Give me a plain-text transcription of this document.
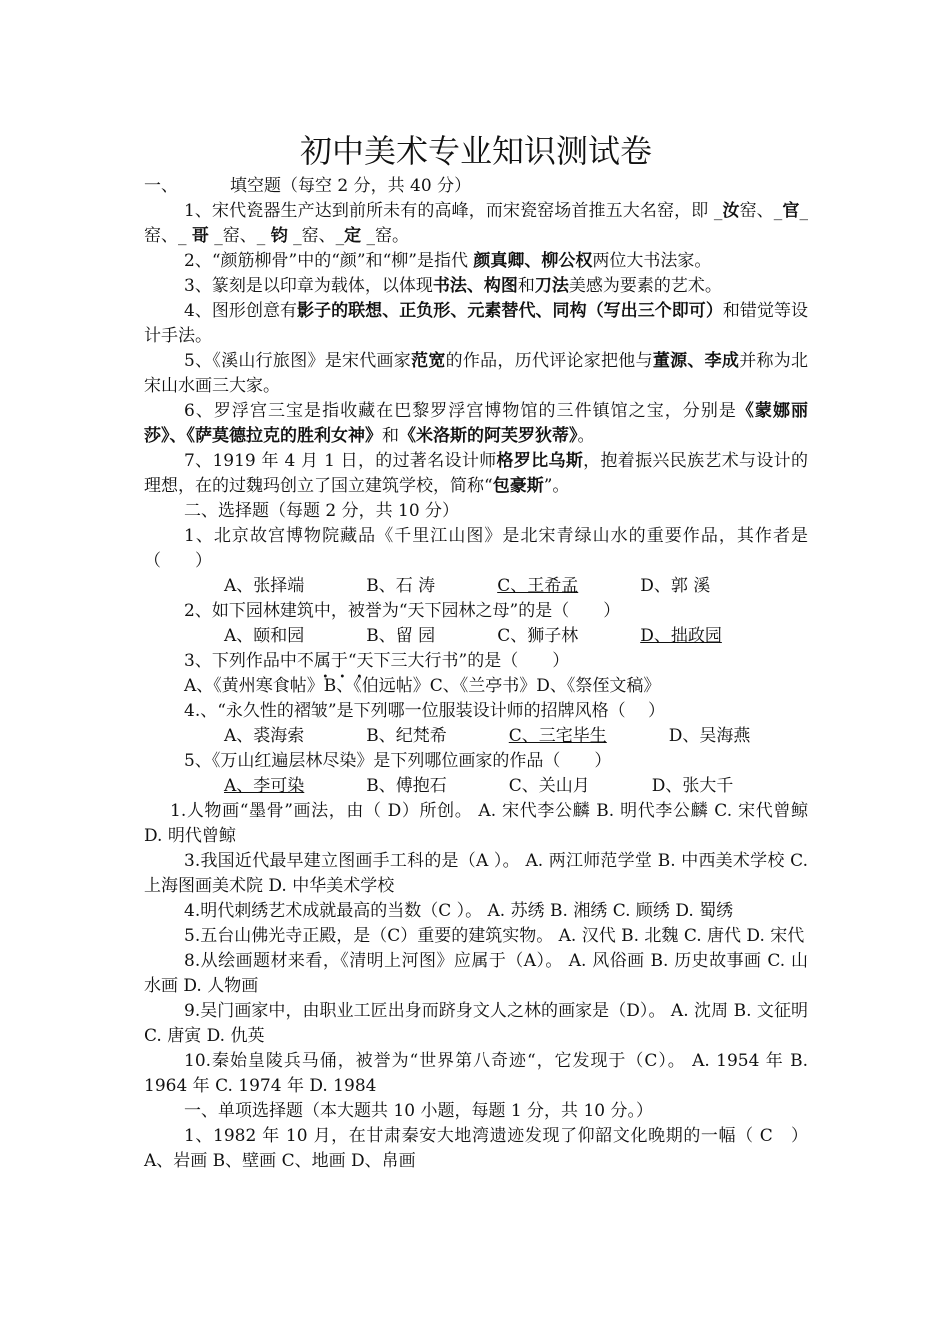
初中美术专业知识测试卷

一、	填空题（每空 2 分，共 40 分）

1、宋代瓷器生产达到前所未有的高峰，而宋瓷窑场首推五大名窑，即 _汝窑、_官_窑、_ 哥 _窑、_ 钧 _窑、_定 _窑。

2、“颜筋柳骨”中的“颜”和“柳”是指代 颜真卿、柳公权两位大书法家。

3、篆刻是以印章为载体，以体现书法、构图和刀法美感为要素的艺术。

4、图形创意有影子的联想、正负形、元素替代、同构（写出三个即可）和错觉等设计手法。

5、《溪山行旅图》是宋代画家范宽的作品，历代评论家把他与董源、李成并称为北宋山水画三大家。

6、罗浮宫三宝是指收藏在巴黎罗浮宫博物馆的三件镇馆之宝，分别是《蒙娜丽莎》、《萨莫德拉克的胜利女神》和《米洛斯的阿芙罗狄蒂》。

7、1919 年 4 月 1 日，的过著名设计师格罗比乌斯，抱着振兴民族艺术与设计的理想，在的过魏玛创立了国立建筑学校，简称“包豪斯”。

二、选择题（每题 2 分，共 10 分）

1、北京故宫博物院藏品《千里江山图》是北宋青绿山水的重要作品，其作者是（　　）

A、张择端	B、石 涛	C、王希孟	D、郭 溪

2、如下园林建筑中，被誉为“天下园林之母”的是（　　）

A、颐和园	B、留 园	C、狮子林	D、拙政园

3、下列作品中不属于“天下三大行书”的是（　　）

A、《黄州寒食帖》B、《伯远帖》C、《兰亭书》D、《祭侄文稿》

4.、“永久性的褶皱”是下列哪一位服装设计师的招牌风格（　 ）

A、裘海索	B、纪梵希	C、三宅毕生	D、吴海燕

5、《万山红遍层林尽染》是下列哪位画家的作品（　　）

A、李可染	B、傅抱石	C、关山月	D、张大千

1.人物画“墨骨”画法，由（ D）所创。 A. 宋代李公麟 B. 明代李公麟 C. 宋代曾鲸 D. 明代曾鲸

3.我国近代最早建立图画手工科的是（A ）。 A. 两江师范学堂 B. 中西美术学校 C. 上海图画美术院 D. 中华美术学校

4.明代刺绣艺术成就最高的当数（C ）。 A. 苏绣 B. 湘绣 C. 顾绣 D. 蜀绣

5.五台山佛光寺正殿，是（C）重要的建筑实物。 A. 汉代 B. 北魏 C. 唐代 D. 宋代

8.从绘画题材来看，《清明上河图》应属于（A）。 A. 风俗画 B. 历史故事画 C. 山水画 D. 人物画

9.吴门画家中，由职业工匠出身而跻身文人之林的画家是（D）。 A. 沈周 B. 文征明 C. 唐寅 D. 仇英

10.秦始皇陵兵马俑，被誉为“世界第八奇迹“，它发现于（C）。 A. 1954 年 B. 1964 年 C. 1974 年 D. 1984

一、单项选择题（本大题共 10 小题，每题 1 分，共 10 分。）

1、1982 年 10 月，在甘肃秦安大地湾遗迹发现了仰韶文化晚期的一幅（ C　） A、岩画 B、壁画 C、地画 D、帛画
